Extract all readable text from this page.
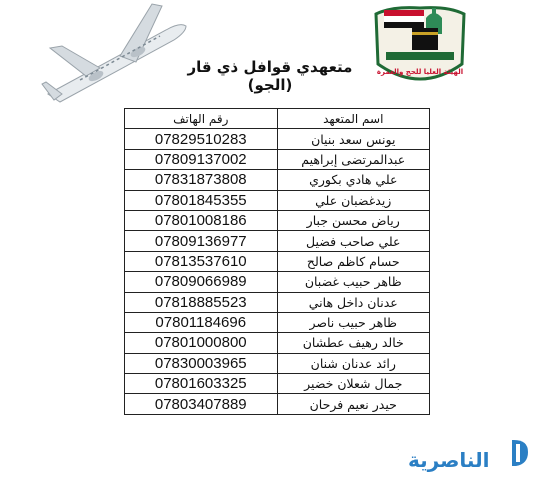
الهيئة العليا للحج والعمرة
متعهدي قوافل ذي قار (الجو)
رقم الهاتف	اسم المتعهد
07829510283	يونس سعد بنيان
07809137002	عبدالمرتضى إبراهيم
07831873808	علي هادي بكوري
07801845355	زيدغضبان علي
07801008186	رياض محسن جبار
07809136977	علي صاحب فضيل
07813537610	حسام كاظم صالح
07809066989	ظاهر حبيب غضبان
07818885523	عدنان داخل هاني
07801184696	ظاهر حبيب ناصر
07801000800	خالد رهيف عطشان
07830003965	رائد عدنان شنان
07801603325	جمال شعلان خضير
07803407889	حيدر نعيم فرحان
الناصرية
